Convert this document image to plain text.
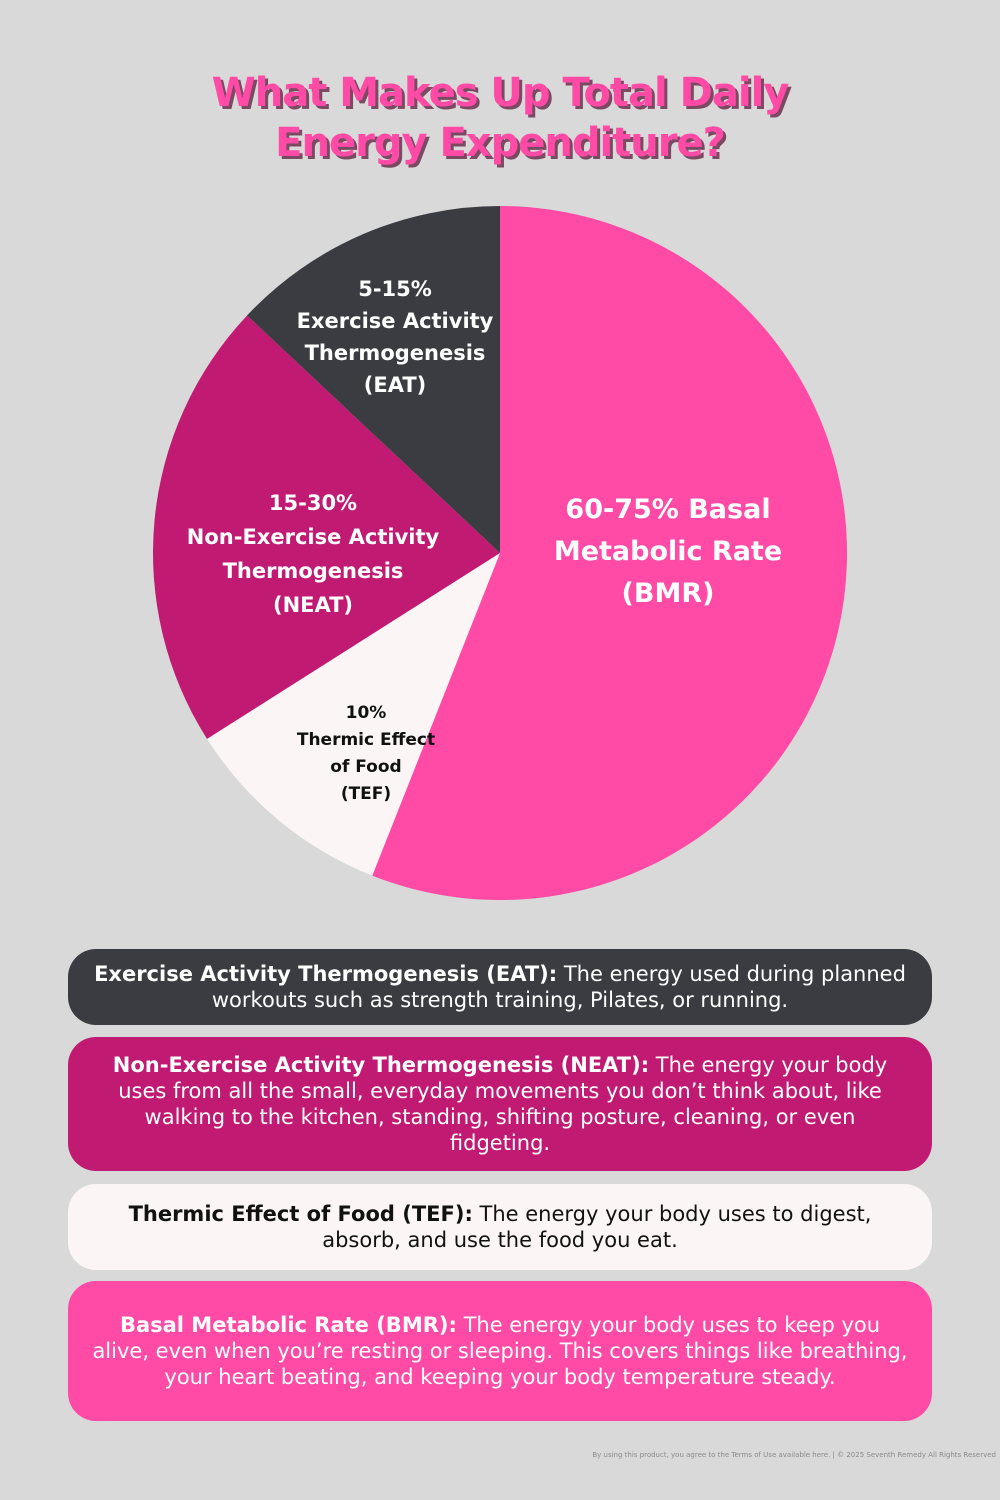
What Makes Up Total Daily
Energy Expenditure?
60-75% Basal Metabolic Rate (BMR)
10% Thermic Effect of Food (TEF)
15-30% Non-Exercise Activity Thermogenesis (NEAT)
5-15% Exercise Activity Thermogenesis (EAT)

Exercise Activity Thermogenesis (EAT): The energy used during planned workouts such as strength training, Pilates, or running.

Non-Exercise Activity Thermogenesis (NEAT): The energy your body uses from all the small, everyday movements you don’t think about, like walking to the kitchen, standing, shifting posture, cleaning, or even fidgeting.

Thermic Effect of Food (TEF): The energy your body uses to digest, absorb, and use the food you eat.

Basal Metabolic Rate (BMR): The energy your body uses to keep you alive, even when you’re resting or sleeping. This covers things like breathing, your heart beating, and keeping your body temperature steady.

By using this product, you agree to the Terms of Use available here. | © 2025 Seventh Remedy All Rights Reserved
